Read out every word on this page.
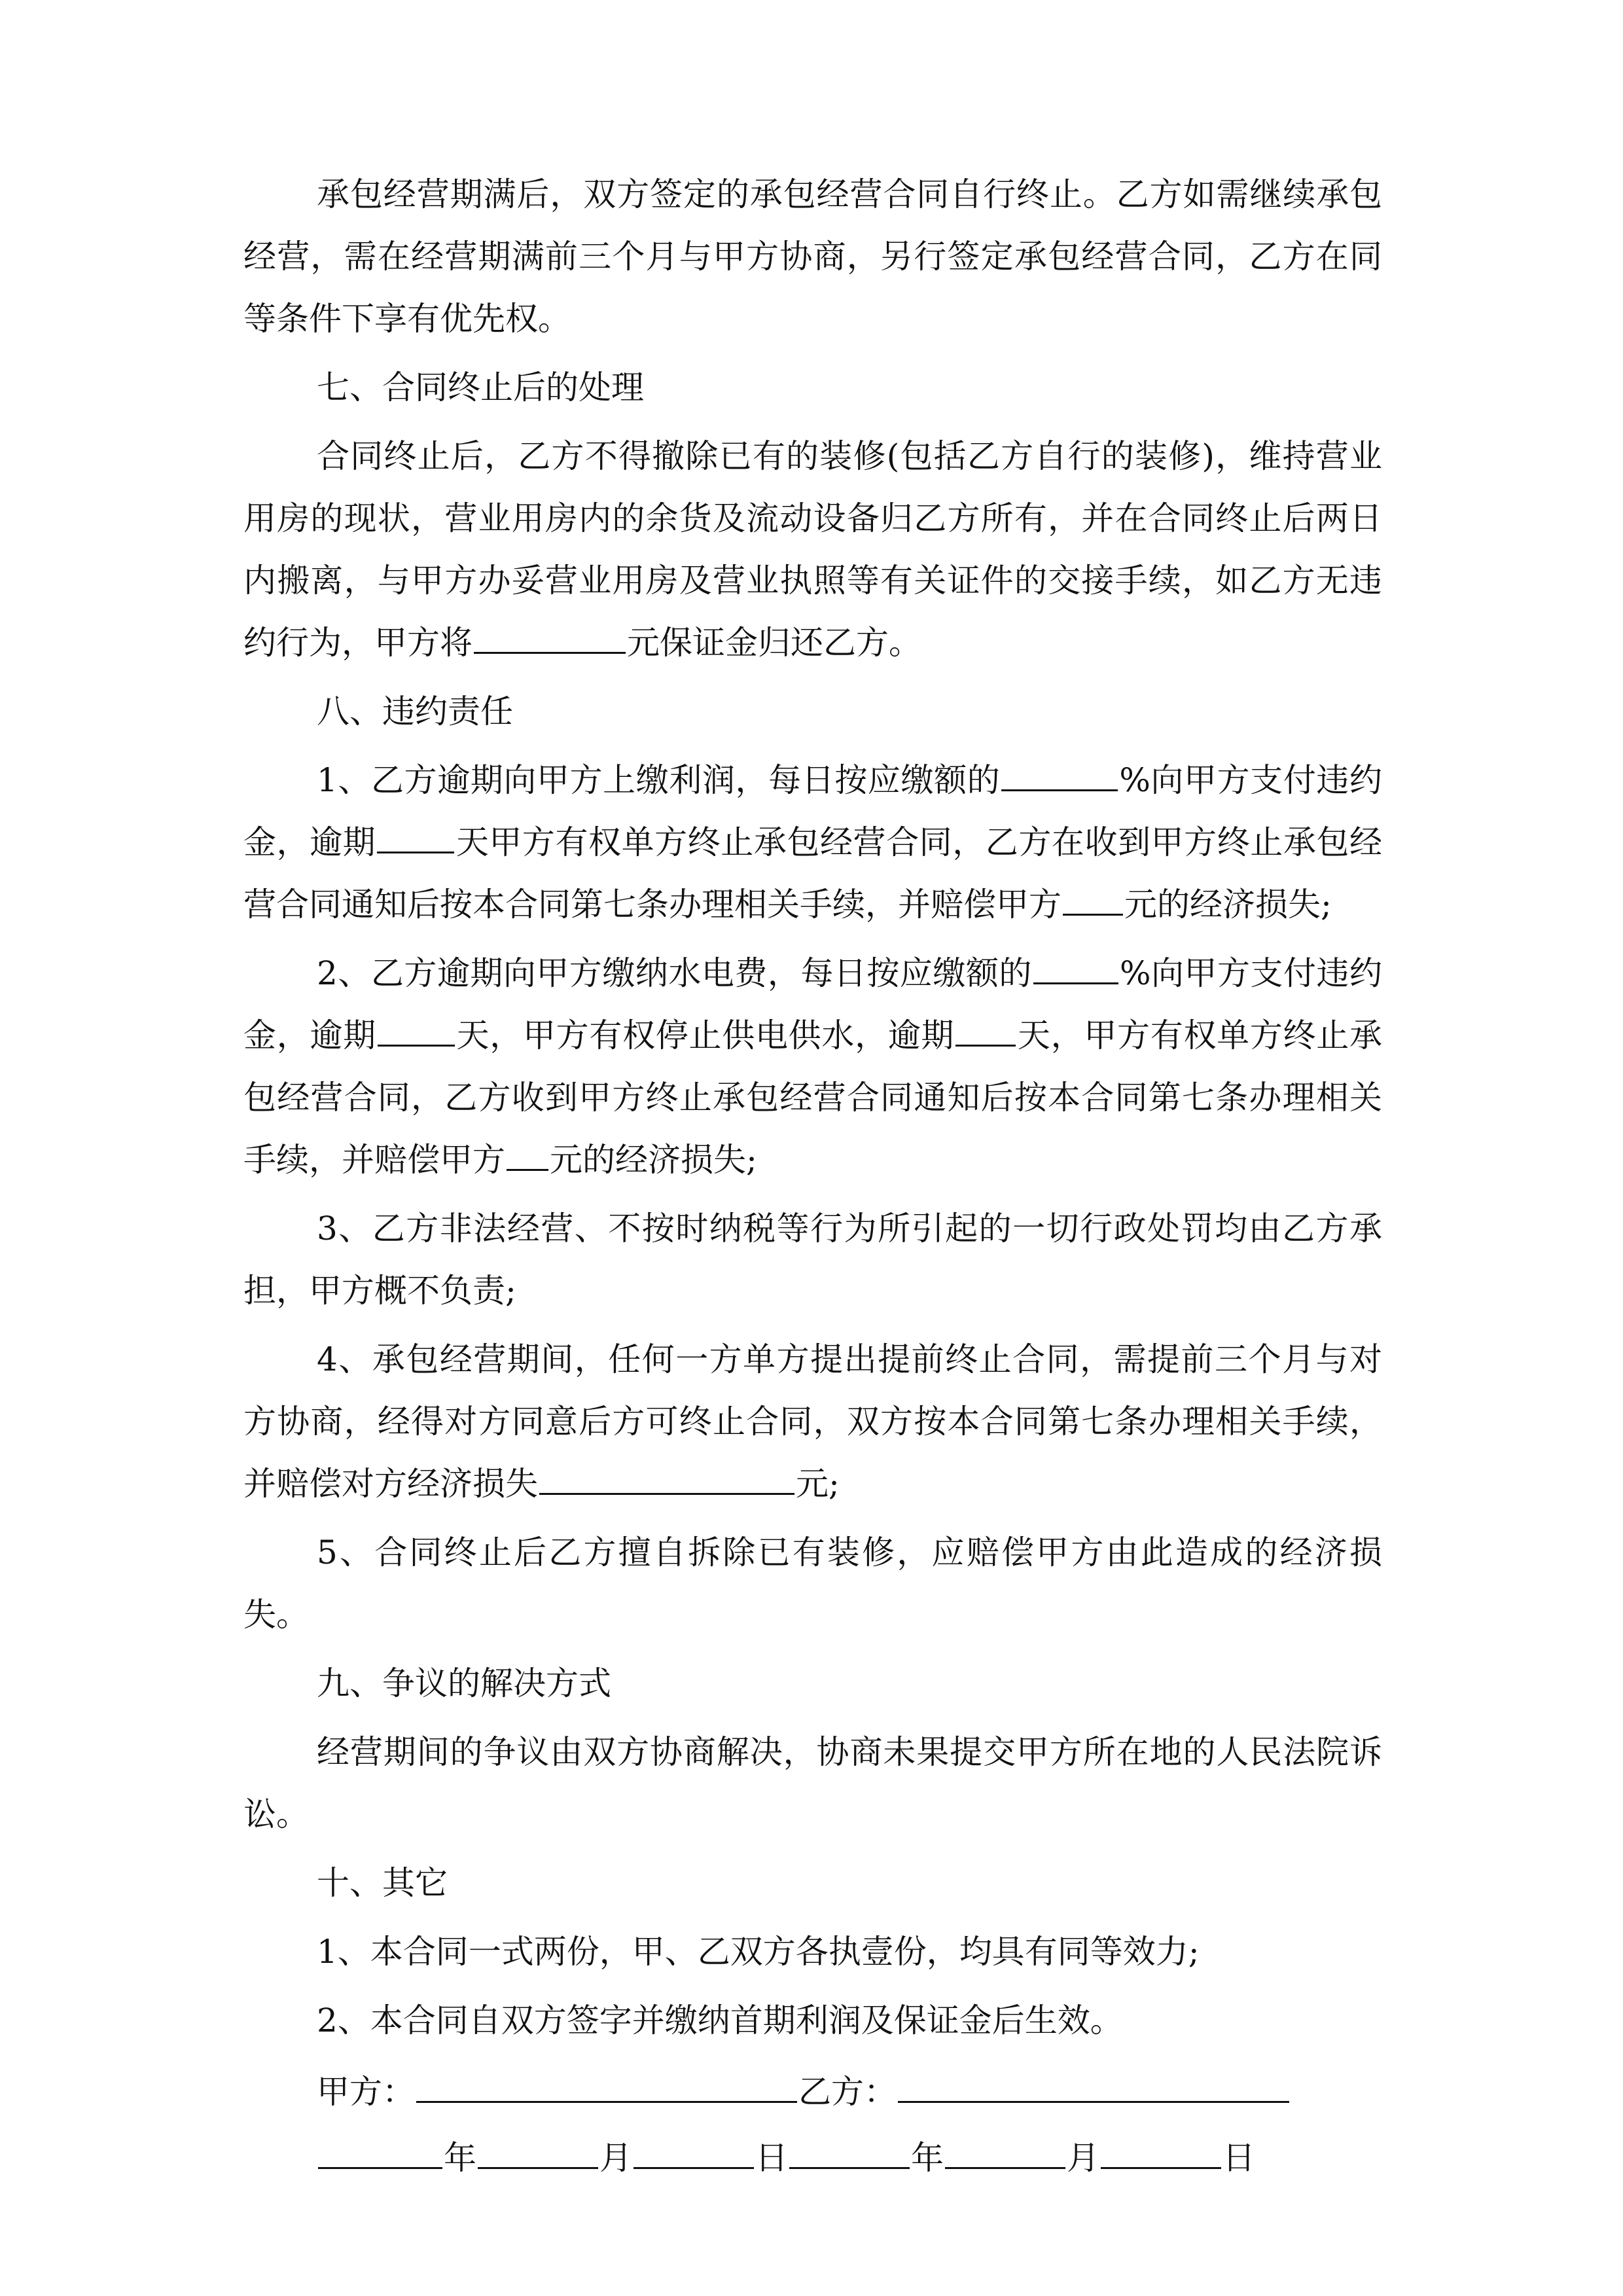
承包经营期满后，双方签定的承包经营合同自行终止。乙方如需继续承包经营，需在经营期满前三个月与甲方协商，另行签定承包经营合同，乙方在同等条件下享有优先权。

七、合同终止后的处理

合同终止后，乙方不得撤除已有的装修(包括乙方自行的装修)，维持营业用房的现状，营业用房内的余货及流动设备归乙方所有，并在合同终止后两日内搬离，与甲方办妥营业用房及营业执照等有关证件的交接手续，如乙方无违约行为，甲方将	元保证金归还乙方。

八、违约责任

1、乙方逾期向甲方上缴利润，每日按应缴额的	%向甲方支付违约金，逾期 天甲方有权单方终止承包经营合同，乙方在收到甲方终止承包经营合同通知后按本合同第七条办理相关手续，并赔偿甲方 元的经济损失;

2、乙方逾期向甲方缴纳水电费，每日按应缴额的	%向甲方支付违约金，逾期 天，甲方有权停止供电供水，逾期 天，甲方有权单方终止承包经营合同，乙方收到甲方终止承包经营合同通知后按本合同第七条办理相关手续，并赔偿甲方 元的经济损失;

3、乙方非法经营、不按时纳税等行为所引起的一切行政处罚均由乙方承担，甲方概不负责;

4、承包经营期间，任何一方单方提出提前终止合同，需提前三个月与对方协商，经得对方同意后方可终止合同，双方按本合同第七条办理相关手续，并赔偿对方经济损失	元;

5、合同终止后乙方擅自拆除已有装修，应赔偿甲方由此造成的经济损失。

九、争议的解决方式

经营期间的争议由双方协商解决，协商未果提交甲方所在地的人民法院诉讼。

十、其它

1、本合同一式两份，甲、乙双方各执壹份，均具有同等效力;

2、本合同自双方签字并缴纳首期利润及保证金后生效。

甲方：	乙方：

年	月	日	年	月	日
